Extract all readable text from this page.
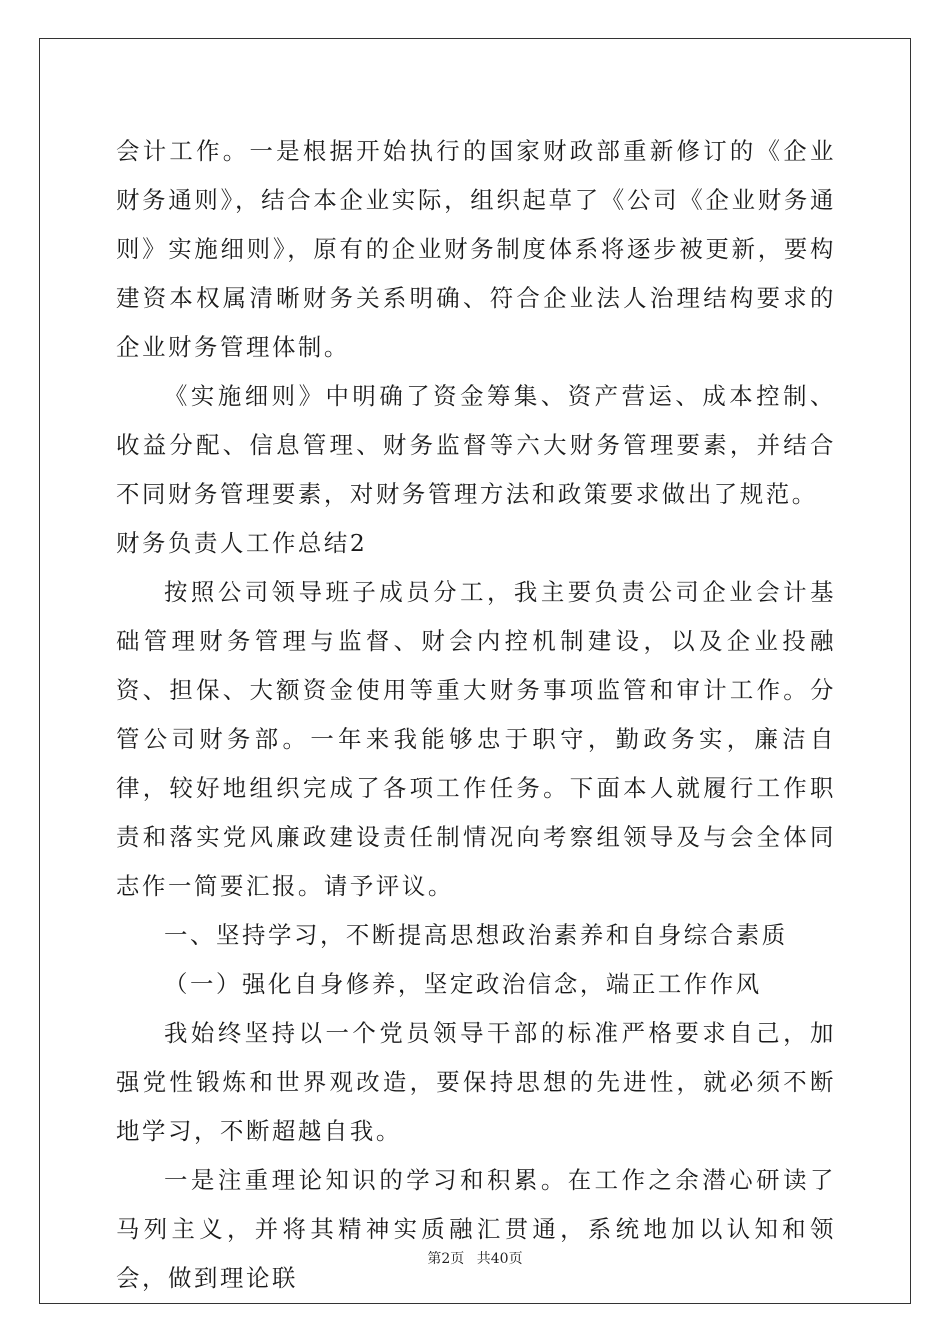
会计工作。一是根据开始执行的国家财政部重新修订的《企业财务通则》，结合本企业实际，组织起草了《公司《企业财务通则》实施细则》，原有的企业财务制度体系将逐步被更新，要构建资本权属清晰财务关系明确、符合企业法人治理结构要求的企业财务管理体制。

《实施细则》中明确了资金筹集、资产营运、成本控制、收益分配、信息管理、财务监督等六大财务管理要素，并结合不同财务管理要素，对财务管理方法和政策要求做出了规范。

财务负责人工作总结2

按照公司领导班子成员分工，我主要负责公司企业会计基础管理财务管理与监督、财会内控机制建设，以及企业投融资、担保、大额资金使用等重大财务事项监管和审计工作。分管公司财务部。一年来我能够忠于职守，勤政务实，廉洁自律，较好地组织完成了各项工作任务。下面本人就履行工作职责和落实党风廉政建设责任制情况向考察组领导及与会全体同志作一简要汇报。请予评议。

一、坚持学习，不断提高思想政治素养和自身综合素质

（一）强化自身修养，坚定政治信念，端正工作作风

我始终坚持以一个党员领导干部的标准严格要求自己，加强党性锻炼和世界观改造，要保持思想的先进性，就必须不断地学习，不断超越自我。

一是注重理论知识的学习和积累。在工作之余潜心研读了马列主义，并将其精神实质融汇贯通，系统地加以认知和领会，做到理论联

第2页 共40页
